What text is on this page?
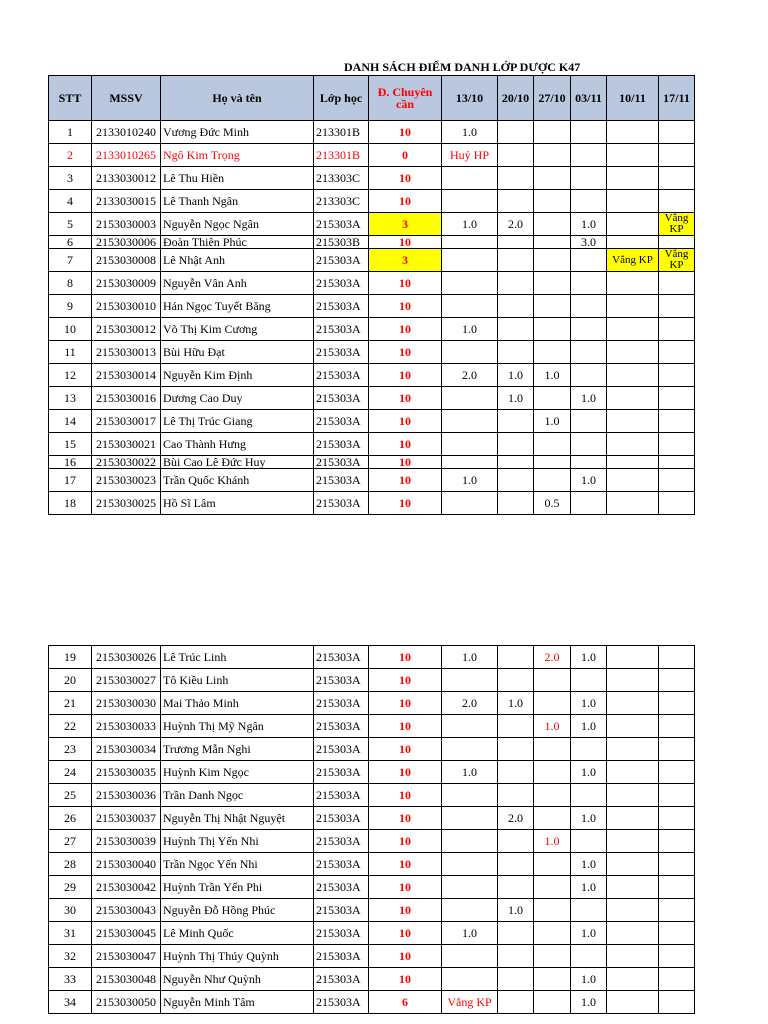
DANH SÁCH ĐIỂM DANH LỚP DƯỢC K47
STT	MSSV	Họ và tên	Lớp học	Đ. Chuyên cần	13/10	20/10	27/10	03/11	10/11	17/11
1	2133010240	Vương Đức Minh	213301B	10	1.0					
2	2133010265	Ngô Kim Trọng	213301B	0	Huỷ HP					
3	2133030012	Lê Thu Hiền	213303C	10						
4	2133030015	Lê Thanh Ngân	213303C	10						
5	2153030003	Nguyễn Ngọc Ngân	215303A	3	1.0	2.0		1.0		Vắng KP
6	2153030006	Đoàn Thiên Phúc	215303B	10				3.0		
7	2153030008	Lê Nhật Anh	215303A	3					Vắng KP	Vắng KP
8	2153030009	Nguyễn Vân Anh	215303A	10						
9	2153030010	Hán Ngọc Tuyết Băng	215303A	10						
10	2153030012	Võ Thị Kim Cương	215303A	10	1.0					
11	2153030013	Bùi Hữu Đạt	215303A	10						
12	2153030014	Nguyễn Kim Định	215303A	10	2.0	1.0	1.0			
13	2153030016	Dương Cao Duy	215303A	10		1.0		1.0		
14	2153030017	Lê Thị Trúc Giang	215303A	10			1.0			
15	2153030021	Cao Thành Hưng	215303A	10						
16	2153030022	Bùi Cao Lê Đức Huy	215303A	10						
17	2153030023	Trần Quốc Khánh	215303A	10	1.0			1.0		
18	2153030025	Hồ Sĩ Lâm	215303A	10			0.5			
19	2153030026	Lê Trúc Linh	215303A	10	1.0		2.0	1.0		
20	2153030027	Tô Kiều Linh	215303A	10						
21	2153030030	Mai Thảo Minh	215303A	10	2.0	1.0		1.0		
22	2153030033	Huỳnh Thị Mỹ Ngân	215303A	10			1.0	1.0		
23	2153030034	Trương Mẫn Nghi	215303A	10						
24	2153030035	Huỳnh Kim Ngọc	215303A	10	1.0			1.0		
25	2153030036	Trần Danh Ngọc	215303A	10						
26	2153030037	Nguyễn Thị Nhật Nguyệt	215303A	10		2.0		1.0		
27	2153030039	Huỳnh Thị Yến Nhi	215303A	10			1.0			
28	2153030040	Trần Ngọc Yến Nhi	215303A	10				1.0		
29	2153030042	Huỳnh Trần Yến Phi	215303A	10				1.0		
30	2153030043	Nguyễn Đỗ Hồng Phúc	215303A	10		1.0				
31	2153030045	Lê Minh Quốc	215303A	10	1.0			1.0		
32	2153030047	Huỳnh Thị Thúy Quỳnh	215303A	10						
33	2153030048	Nguyễn Như Quỳnh	215303A	10				1.0		
34	2153030050	Nguyễn Minh Tâm	215303A	6	Vắng KP			1.0		
